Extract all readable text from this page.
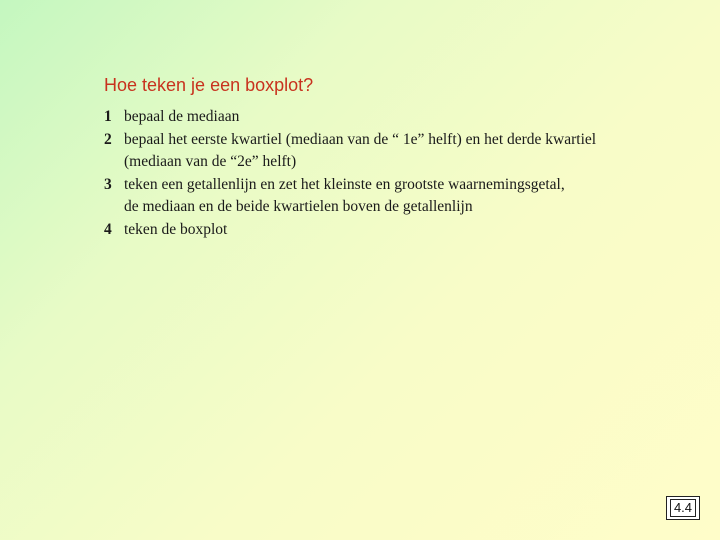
Hoe teken je een boxplot?
1 bepaal de mediaan
2 bepaal het eerste kwartiel (mediaan van de “ 1e” helft) en het derde kwartiel
(mediaan van de “2e” helft)
3 teken een getallenlijn en zet het kleinste en grootste waarnemingsgetal,
de mediaan en de beide kwartielen boven de getallenlijn
4 teken de boxplot
4.4
